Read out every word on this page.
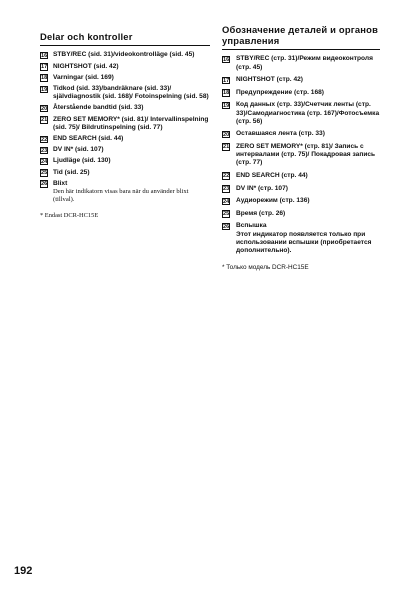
Delar och kontroller
16 STBY/REC (sid. 31)/videokontrolläge (sid. 45)
17 NIGHTSHOT (sid. 42)
18 Varningar (sid. 169)
19 Tidkod (sid. 33)/bandräknare (sid. 33)/ självdiagnostik (sid. 168)/ Fotoinspelning (sid. 58)
20 Återstående bandtid (sid. 33)
21 ZERO SET MEMORY* (sid. 81)/ Intervallinspelning (sid. 75)/ Bildrutinspelning (sid. 77)
22 END SEARCH (sid. 44)
23 DV IN* (sid. 107)
24 Ljudläge (sid. 130)
25 Tid (sid. 25)
26 Blixt
Den här indikatorn visas bara när du använder blixt (tillval).
* Endast DCR-HC15E
Обозначение деталей и органов управления
16 STBY/REC (стр. 31)/Режим видеоконтроля (стр. 45)
17 NIGHTSHOT (стр. 42)
18 Предупреждение (стр. 168)
19 Код данных (стр. 33)/Счетчик ленты (стр. 33)/Самодиагностика (стр. 167)/Фотосъемка (стр. 56)
20 Оставшаяся лента (стр. 33)
21 ZERO SET MEMORY* (стр. 81)/ Запись с интервалами (стр. 75)/ Покадровая запись (стр. 77)
22 END SEARCH (стр. 44)
23 DV IN* (стр. 107)
24 Аудиорежим (стр. 136)
25 Время (стр. 26)
26 Вспышка
Этот индикатор появляется только при использовании вспышки (приобретается дополнительно).
* Только модель DCR-HC15E
192
